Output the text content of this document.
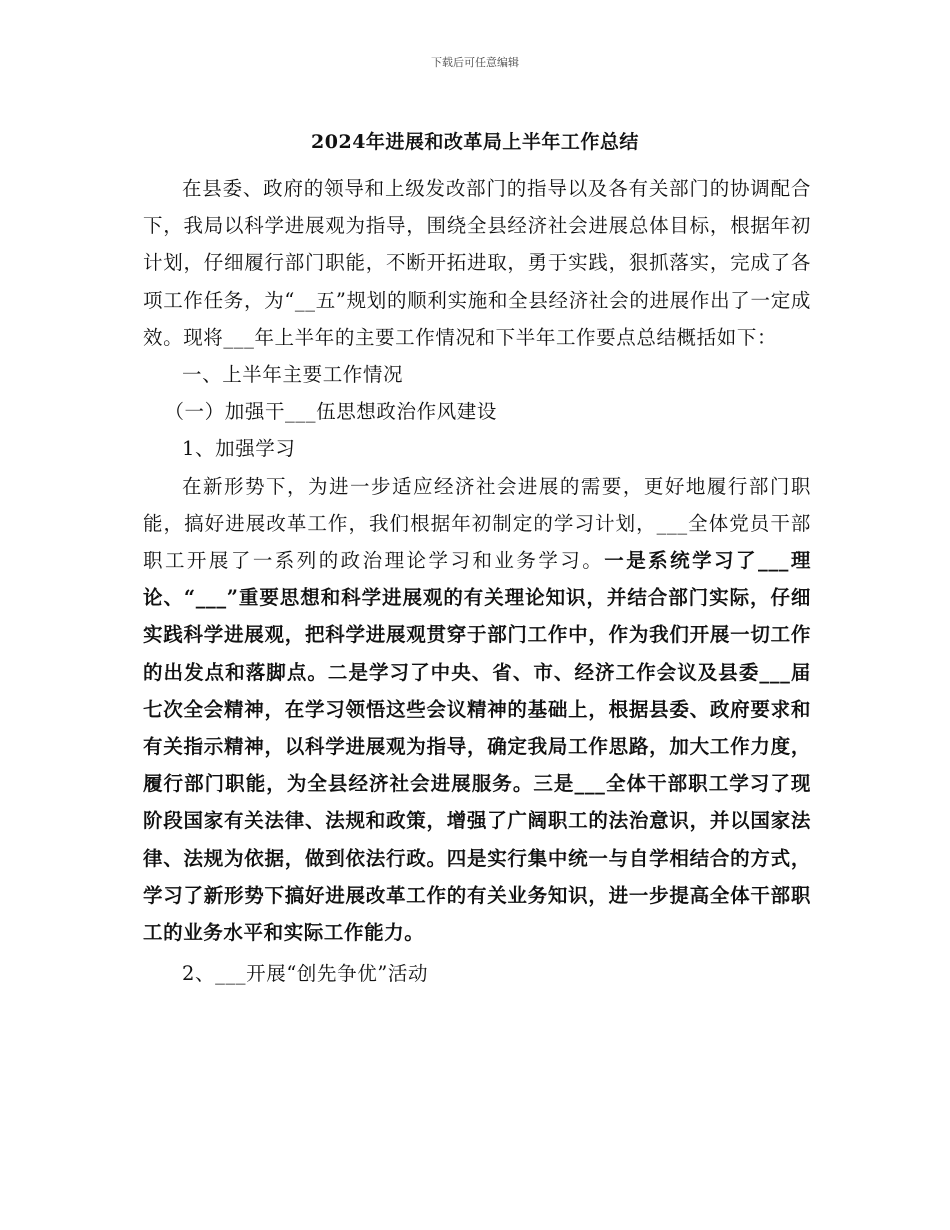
下载后可任意编辑
2024年进展和改革局上半年工作总结

在县委、政府的领导和上级发改部门的指导以及各有关部门的协调配合下，我局以科学进展观为指导，围绕全县经济社会进展总体目标，根据年初计划，仔细履行部门职能，不断开拓进取，勇于实践，狠抓落实，完成了各项工作任务，为“__五”规划的顺利实施和全县经济社会的进展作出了一定成效。现将___年上半年的主要工作情况和下半年工作要点总结概括如下：

一、上半年主要工作情况

（一）加强干___伍思想政治作风建设

1、加强学习

在新形势下，为进一步适应经济社会进展的需要，更好地履行部门职能，搞好进展改革工作，我们根据年初制定的学习计划，___全体党员干部职工开展了一系列的政治理论学习和业务学习。一是系统学习了___理论、“___”重要思想和科学进展观的有关理论知识，并结合部门实际，仔细实践科学进展观，把科学进展观贯穿于部门工作中，作为我们开展一切工作的出发点和落脚点。二是学习了中央、省、市、经济工作会议及县委___届七次全会精神，在学习领悟这些会议精神的基础上，根据县委、政府要求和有关指示精神，以科学进展观为指导，确定我局工作思路，加大工作力度，履行部门职能，为全县经济社会进展服务。三是___全体干部职工学习了现阶段国家有关法律、法规和政策，增强了广阔职工的法治意识，并以国家法律、法规为依据，做到依法行政。四是实行集中统一与自学相结合的方式，学习了新形势下搞好进展改革工作的有关业务知识，进一步提高全体干部职工的业务水平和实际工作能力。

2、___开展“创先争优”活动
